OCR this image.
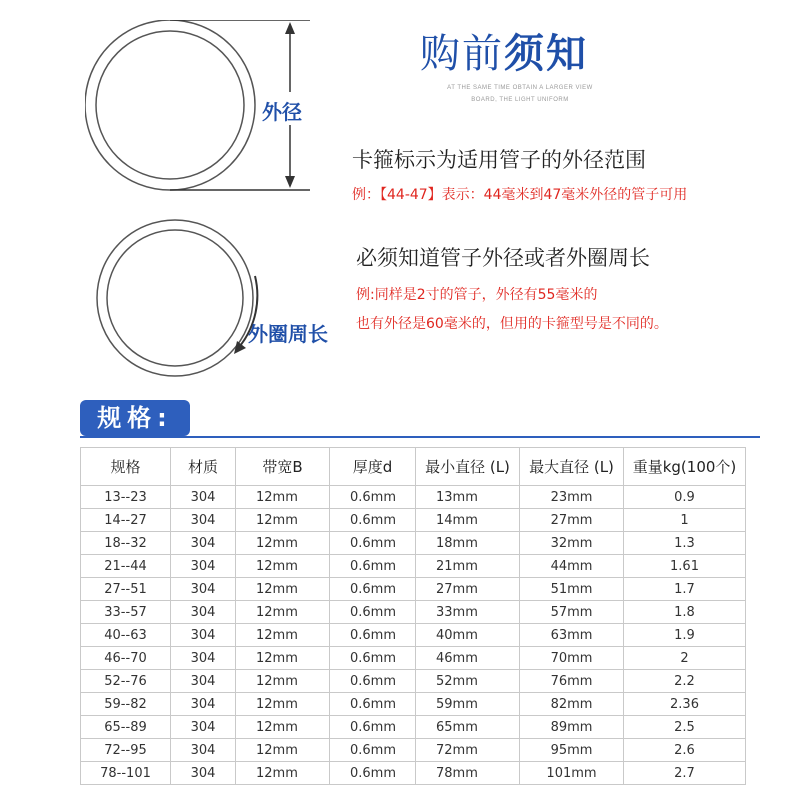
购前须知
AT THE SAME TIME OBTAIN A LARGER VIEW
BOARD, THE LIGHT UNIFORM
外径
外圈周长
卡箍标示为适用管子的外径范围
例：【44-47】表示：44毫米到47毫米外径的管子可用
必须知道管子外径或者外圈周长
例:同样是2寸的管子，外径有55毫米的
也有外径是60毫米的，但用的卡箍型号是不同的。
规格:
规格	材质	带宽B	厚度d	最小直径 (L)	最大直径 (L)	重量kg(100个)
13--23	304	12mm	0.6mm	13mm	23mm	0.9
14--27	304	12mm	0.6mm	14mm	27mm	1
18--32	304	12mm	0.6mm	18mm	32mm	1.3
21--44	304	12mm	0.6mm	21mm	44mm	1.61
27--51	304	12mm	0.6mm	27mm	51mm	1.7
33--57	304	12mm	0.6mm	33mm	57mm	1.8
40--63	304	12mm	0.6mm	40mm	63mm	1.9
46--70	304	12mm	0.6mm	46mm	70mm	2
52--76	304	12mm	0.6mm	52mm	76mm	2.2
59--82	304	12mm	0.6mm	59mm	82mm	2.36
65--89	304	12mm	0.6mm	65mm	89mm	2.5
72--95	304	12mm	0.6mm	72mm	95mm	2.6
78--101	304	12mm	0.6mm	78mm	101mm	2.7
